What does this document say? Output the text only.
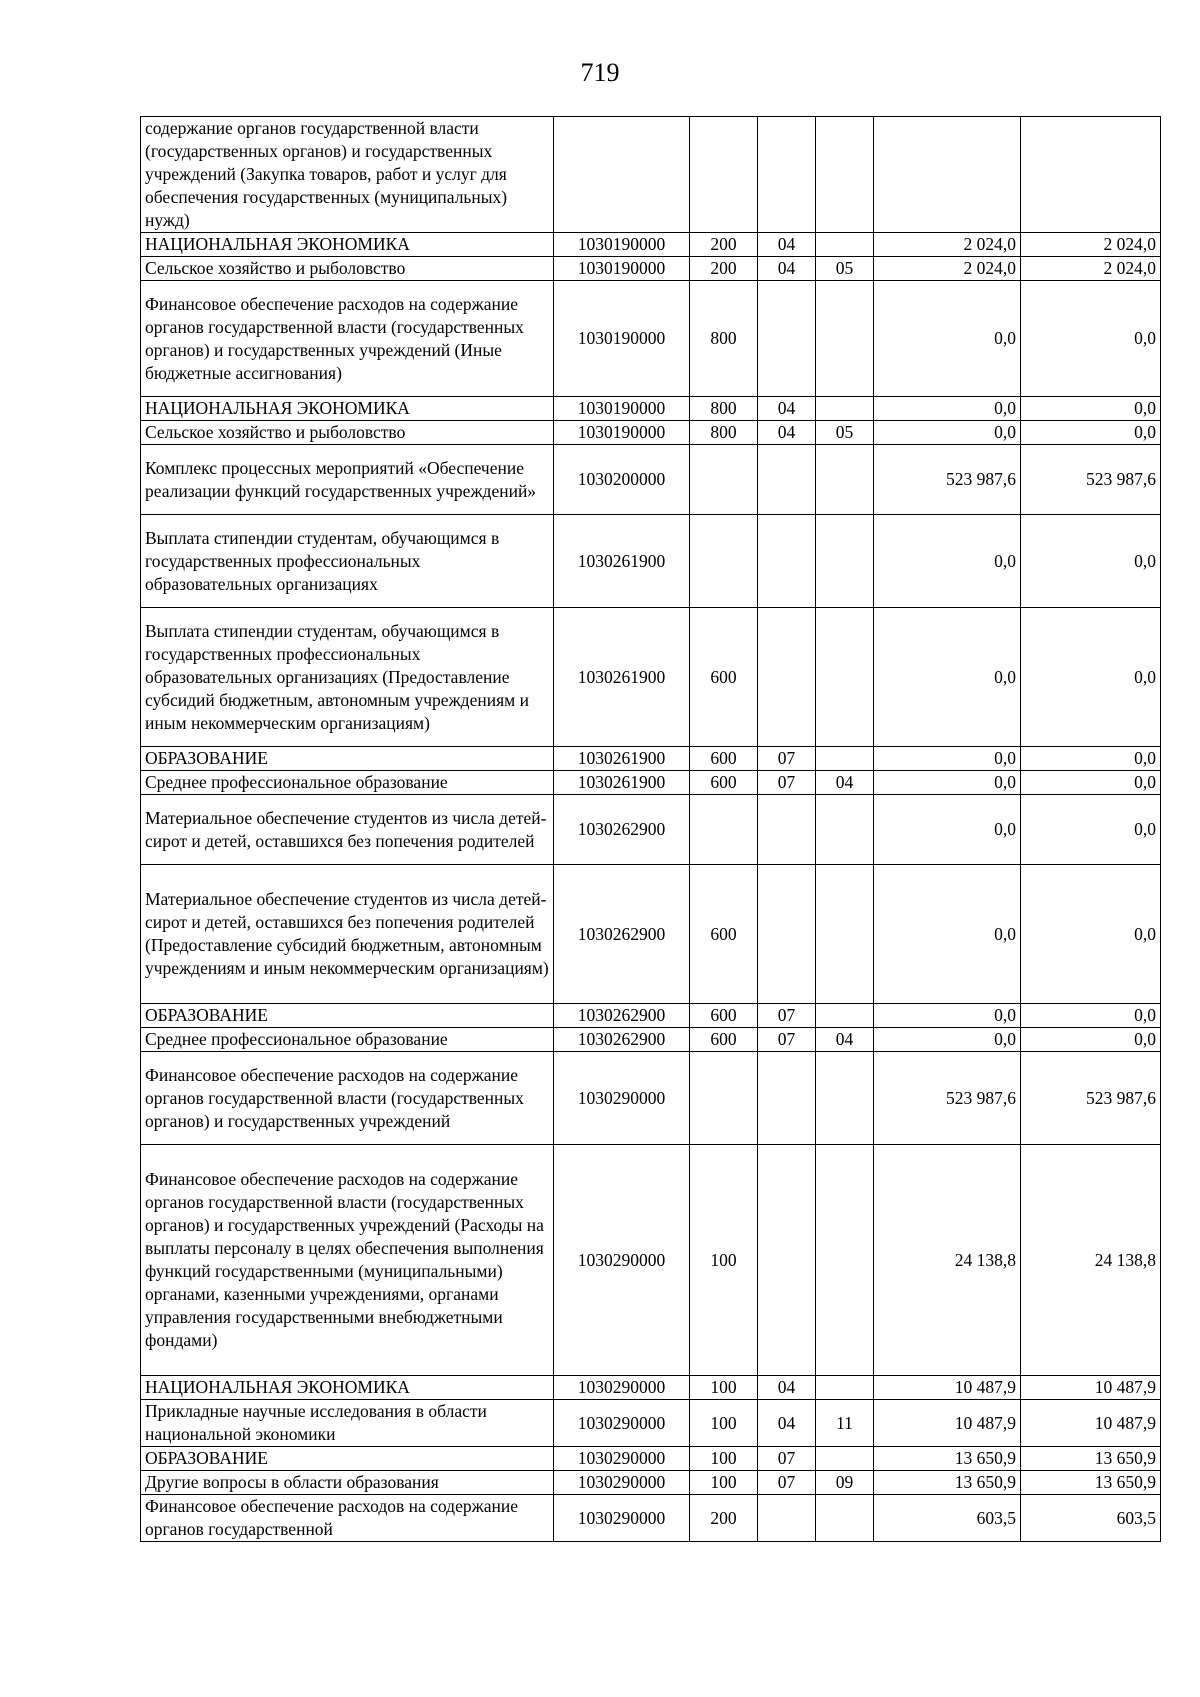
719
содержание органов государственной власти (государственных органов) и государственных учреждений (Закупка товаров, работ и услуг для обеспечения государственных (муниципальных) нужд)						
НАЦИОНАЛЬНАЯ ЭКОНОМИКА	1030190000	200	04		2 024,0	2 024,0
Сельское хозяйство и рыболовство	1030190000	200	04	05	2 024,0	2 024,0
Финансовое обеспечение расходов на содержание органов государственной власти (государственных органов) и государственных учреждений (Иные бюджетные ассигнования)	1030190000	800			0,0	0,0
НАЦИОНАЛЬНАЯ ЭКОНОМИКА	1030190000	800	04		0,0	0,0
Сельское хозяйство и рыболовство	1030190000	800	04	05	0,0	0,0
Комплекс процессных мероприятий «Обеспечение реализации функций государственных учреждений»	1030200000				523 987,6	523 987,6
Выплата стипендии студентам, обучающимся в государственных профессиональных образовательных организациях	1030261900				0,0	0,0
Выплата стипендии студентам, обучающимся в государственных профессиональных образовательных организациях (Предоставление субсидий бюджетным, автономным учреждениям и иным некоммерческим организациям)	1030261900	600			0,0	0,0
ОБРАЗОВАНИЕ	1030261900	600	07		0,0	0,0
Среднее профессиональное образование	1030261900	600	07	04	0,0	0,0
Материальное обеспечение студентов из числа детей-сирот и детей, оставшихся без попечения родителей	1030262900				0,0	0,0
Материальное обеспечение студентов из числа детей-сирот и детей, оставшихся без попечения родителей (Предоставление субсидий бюджетным, автономным учреждениям и иным некоммерческим организациям)	1030262900	600			0,0	0,0
ОБРАЗОВАНИЕ	1030262900	600	07		0,0	0,0
Среднее профессиональное образование	1030262900	600	07	04	0,0	0,0
Финансовое обеспечение расходов на содержание органов государственной власти (государственных органов) и государственных учреждений	1030290000				523 987,6	523 987,6
Финансовое обеспечение расходов на содержание органов государственной власти (государственных органов) и государственных учреждений (Расходы на выплаты персоналу в целях обеспечения выполнения функций государственными (муниципальными) органами, казенными учреждениями, органами управления государственными внебюджетными фондами)	1030290000	100			24 138,8	24 138,8
НАЦИОНАЛЬНАЯ ЭКОНОМИКА	1030290000	100	04		10 487,9	10 487,9
Прикладные научные исследования в области национальной экономики	1030290000	100	04	11	10 487,9	10 487,9
ОБРАЗОВАНИЕ	1030290000	100	07		13 650,9	13 650,9
Другие вопросы в области образования	1030290000	100	07	09	13 650,9	13 650,9
Финансовое обеспечение расходов на содержание органов государственной	1030290000	200			603,5	603,5
